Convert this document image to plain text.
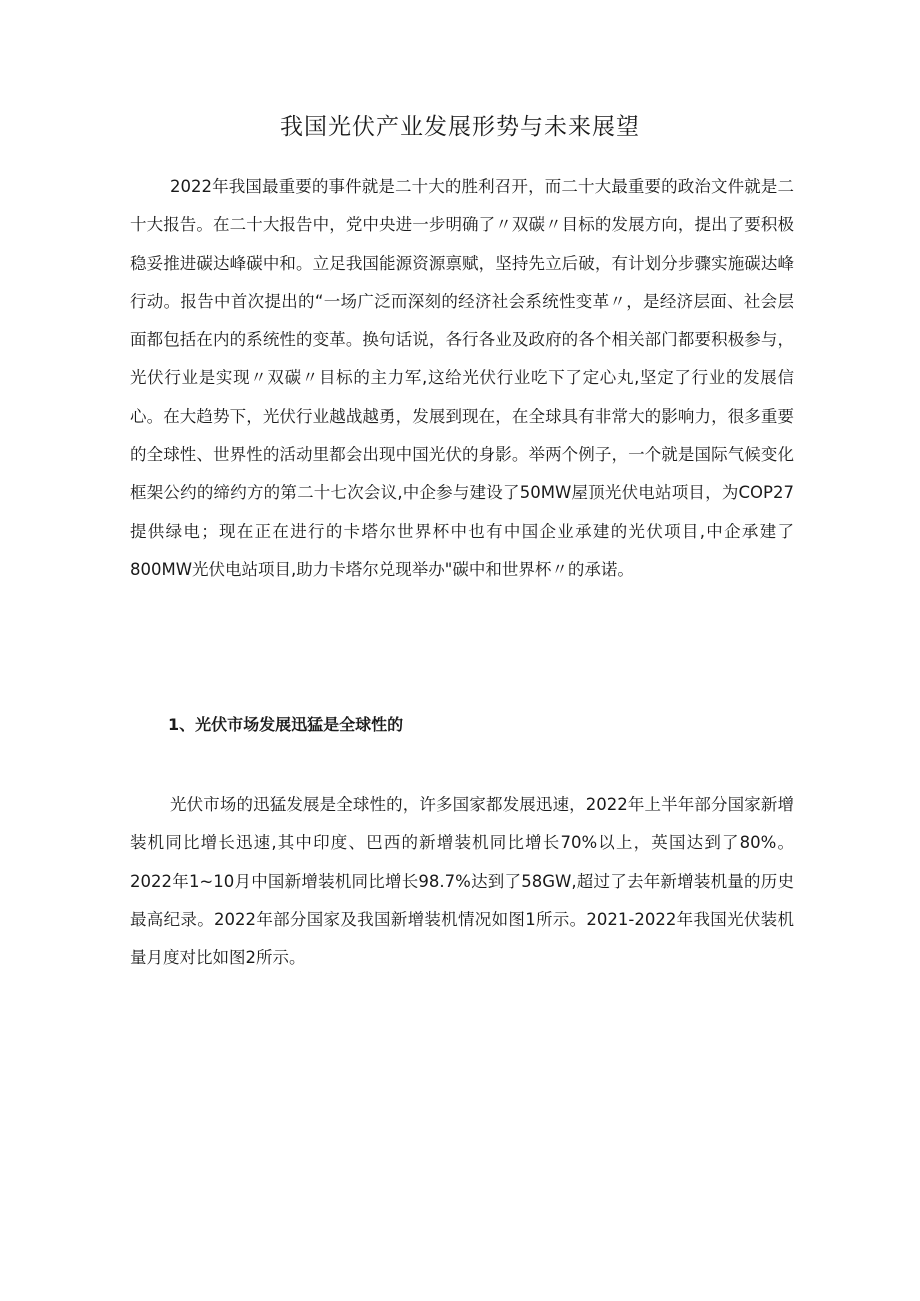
我国光伏产业发展形势与未来展望

2022年我国最重要的事件就是二十大的胜利召开，而二十大最重要的政治文件就是二十大报告。在二十大报告中，党中央进一步明确了〃双碳〃目标的发展方向，提出了要积极稳妥推进碳达峰碳中和。立足我国能源资源禀赋，坚持先立后破，有计划分步骤实施碳达峰行动。报告中首次提出的“一场广泛而深刻的经济社会系统性变革〃，是经济层面、社会层面都包括在内的系统性的变革。换句话说，各行各业及政府的各个相关部门都要积极参与，光伏行业是实现〃双碳〃目标的主力军,这给光伏行业吃下了定心丸,坚定了行业的发展信心。在大趋势下，光伏行业越战越勇，发展到现在，在全球具有非常大的影响力，很多重要的全球性、世界性的活动里都会出现中国光伏的身影。举两个例子，一个就是国际气候变化框架公约的缔约方的第二十七次会议,中企参与建设了50MW屋顶光伏电站项目，为COP27提供绿电；现在正在进行的卡塔尔世界杯中也有中国企业承建的光伏项目,中企承建了800MW光伏电站项目,助力卡塔尔兑现举办"碳中和世界杯〃的承诺。

1、光伏市场发展迅猛是全球性的

光伏市场的迅猛发展是全球性的，许多国家都发展迅速，2022年上半年部分国家新增装机同比增长迅速,其中印度、巴西的新增装机同比增长70%以上，英国达到了80%。2022年1~10月中国新增装机同比增长98.7%达到了58GW,超过了去年新增装机量的历史最高纪录。2022年部分国家及我国新增装机情况如图1所示。2021-2022年我国光伏装机量月度对比如图2所示。
